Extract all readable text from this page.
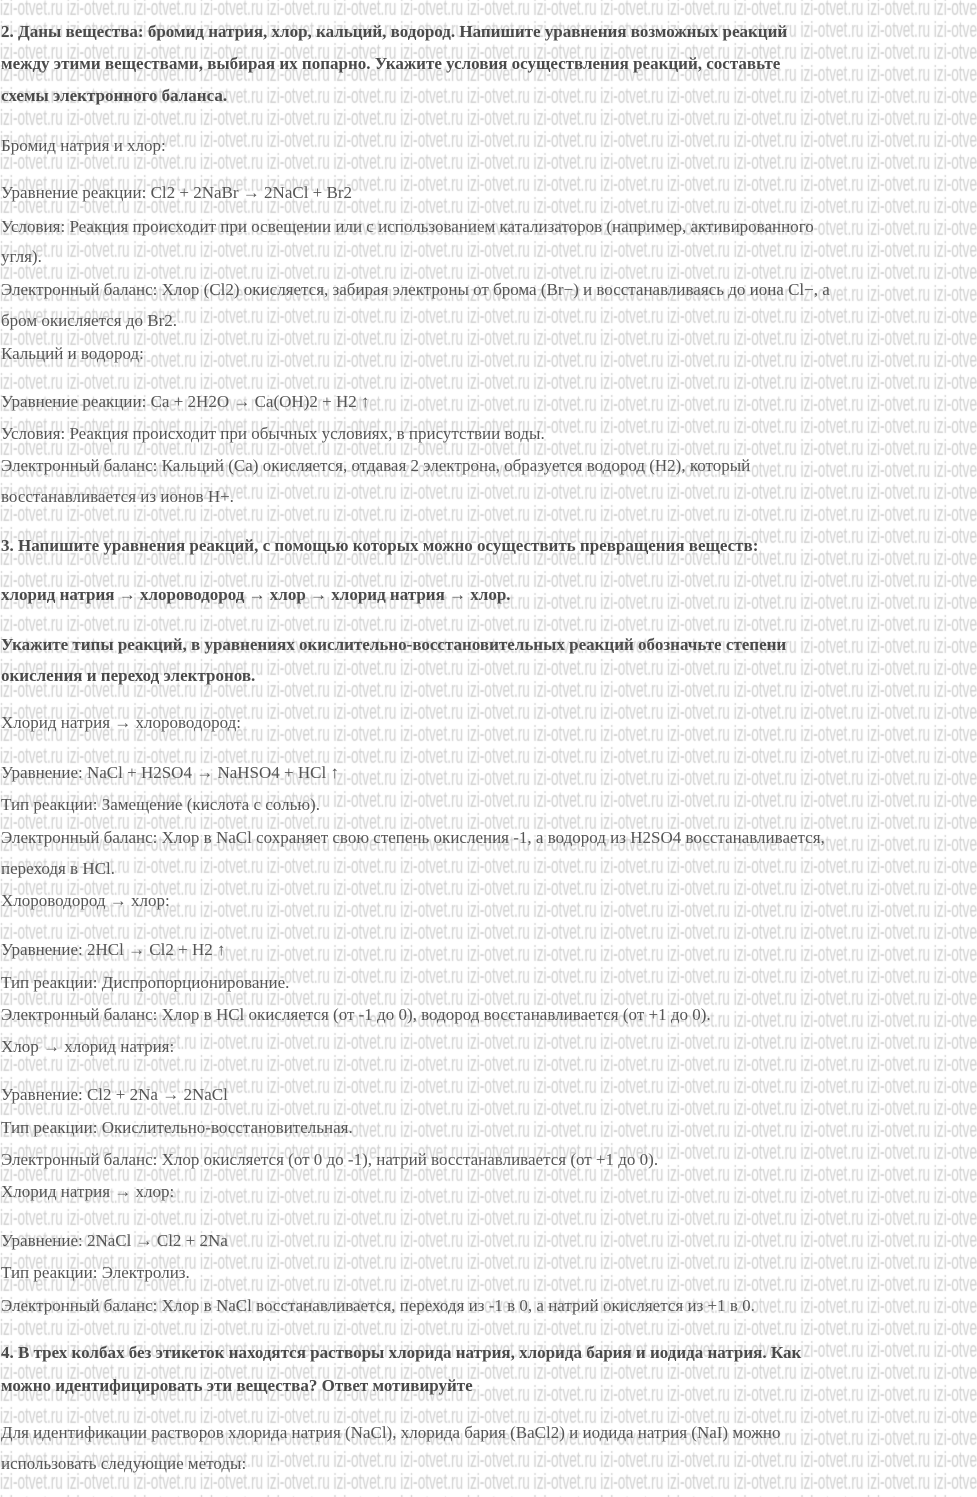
2. Даны вещества: бромид натрия, хлор, кальций, водород. Напишите уравнения возможных реакций
между этими веществами, выбирая их попарно. Укажите условия осуществления реакций, составьте
схемы электронного баланса.
Бромид натрия и хлор:
Уравнение реакции: Cl2 + 2NaBr → 2NaCl + Br2
Условия: Реакция происходит при освещении или с использованием катализаторов (например, активированного
угля).
Электронный баланс: Хлор (Cl2) окисляется, забирая электроны от брома (Br−) и восстанавливаясь до иона Cl−, а
бром окисляется до Br2.
Кальций и водород:
Уравнение реакции: Ca + 2H2O → Ca(OH)2 + H2 ↑
Условия: Реакция происходит при обычных условиях, в присутствии воды.
Электронный баланс: Кальций (Ca) окисляется, отдавая 2 электрона, образуется водород (H2), который
восстанавливается из ионов H+.
3. Напишите уравнения реакций, с помощью которых можно осуществить превращения веществ:
хлорид натрия → хлороводород → хлор → хлорид натрия → хлор.
Укажите типы реакций, в уравнениях окислительно-восстановительных реакций обозначьте степени
окисления и переход электронов.
Хлорид натрия → хлороводород:
Уравнение: NaCl + H2SO4 → NaHSO4 + HCl ↑
Тип реакции: Замещение (кислота с солью).
Электронный баланс: Хлор в NaCl сохраняет свою степень окисления -1, а водород из H2SO4 восстанавливается,
переходя в HCl.
Хлороводород → хлор:
Уравнение: 2HCl → Cl2 + H2 ↑
Тип реакции: Диспропорционирование.
Электронный баланс: Хлор в HCl окисляется (от -1 до 0), водород восстанавливается (от +1 до 0).
Хлор → хлорид натрия:
Уравнение: Cl2 + 2Na → 2NaCl
Тип реакции: Окислительно-восстановительная.
Электронный баланс: Хлор окисляется (от 0 до -1), натрий восстанавливается (от +1 до 0).
Хлорид натрия → хлор:
Уравнение: 2NaCl → Cl2 + 2Na
Тип реакции: Электролиз.
Электронный баланс: Хлор в NaCl восстанавливается, переходя из -1 в 0, а натрий окисляется из +1 в 0.
4. В трех колбах без этикеток находятся растворы хлорида натрия, хлорида бария и иодида натрия. Как
можно идентифицировать эти вещества? Ответ мотивируйте
Для идентификации растворов хлорида натрия (NaCl), хлорида бария (BaCl2) и иодида натрия (NaI) можно
использовать следующие методы:
